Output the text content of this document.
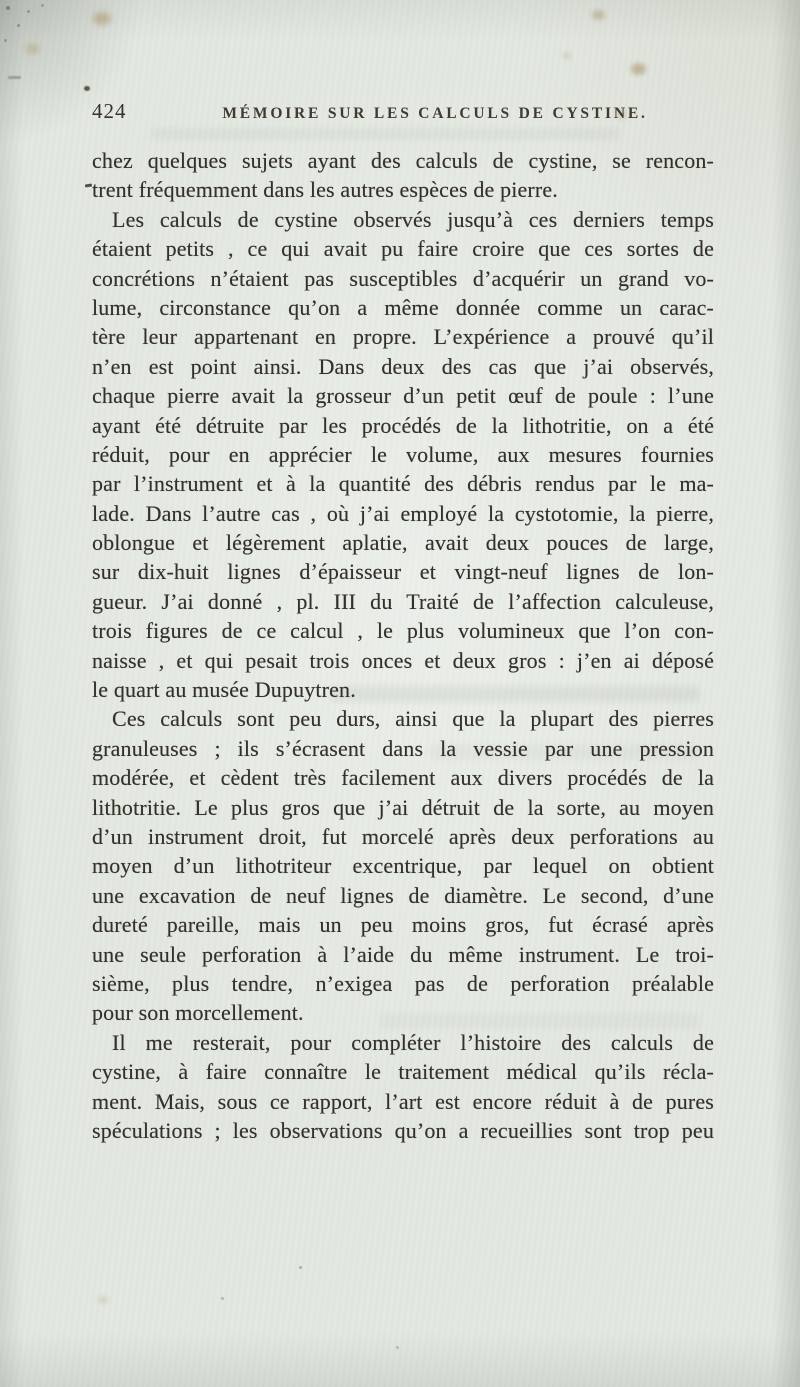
424	MÉMOIRE SUR LES CALCULS DE CYSTINE.
chez quelques sujets ayant des calculs de cystine, se rencon-
trent fréquemment dans les autres espèces de pierre.
Les calculs de cystine observés jusqu’à ces derniers temps
étaient petits , ce qui avait pu faire croire que ces sortes de
concrétions n’étaient pas susceptibles d’acquérir un grand vo-
lume, circonstance qu’on a même donnée comme un carac-
tère leur appartenant en propre. L’expérience a prouvé qu’il
n’en est point ainsi. Dans deux des cas que j’ai observés,
chaque pierre avait la grosseur d’un petit œuf de poule : l’une
ayant été détruite par les procédés de la lithotritie, on a été
réduit, pour en apprécier le volume, aux mesures fournies
par l’instrument et à la quantité des débris rendus par le ma-
lade. Dans l’autre cas , où j’ai employé la cystotomie, la pierre,
oblongue et légèrement aplatie, avait deux pouces de large,
sur dix-huit lignes d’épaisseur et vingt-neuf lignes de lon-
gueur. J’ai donné , pl. III du Traité de l’affection calculeuse,
trois figures de ce calcul , le plus volumineux que l’on con-
naisse , et qui pesait trois onces et deux gros : j’en ai déposé
le quart au musée Dupuytren.
Ces calculs sont peu durs, ainsi que la plupart des pierres
granuleuses ; ils s’écrasent dans la vessie par une pression
modérée, et cèdent très facilement aux divers procédés de la
lithotritie. Le plus gros que j’ai détruit de la sorte, au moyen
d’un instrument droit, fut morcelé après deux perforations au
moyen d’un lithotriteur excentrique, par lequel on obtient
une excavation de neuf lignes de diamètre. Le second, d’une
dureté pareille, mais un peu moins gros, fut écrasé après
une seule perforation à l’aide du même instrument. Le troi-
sième, plus tendre, n’exigea pas de perforation préalable
pour son morcellement.
Il me resterait, pour compléter l’histoire des calculs de
cystine, à faire connaître le traitement médical qu’ils récla-
ment. Mais, sous ce rapport, l’art est encore réduit à de pures
spéculations ; les observations qu’on a recueillies sont trop peu
